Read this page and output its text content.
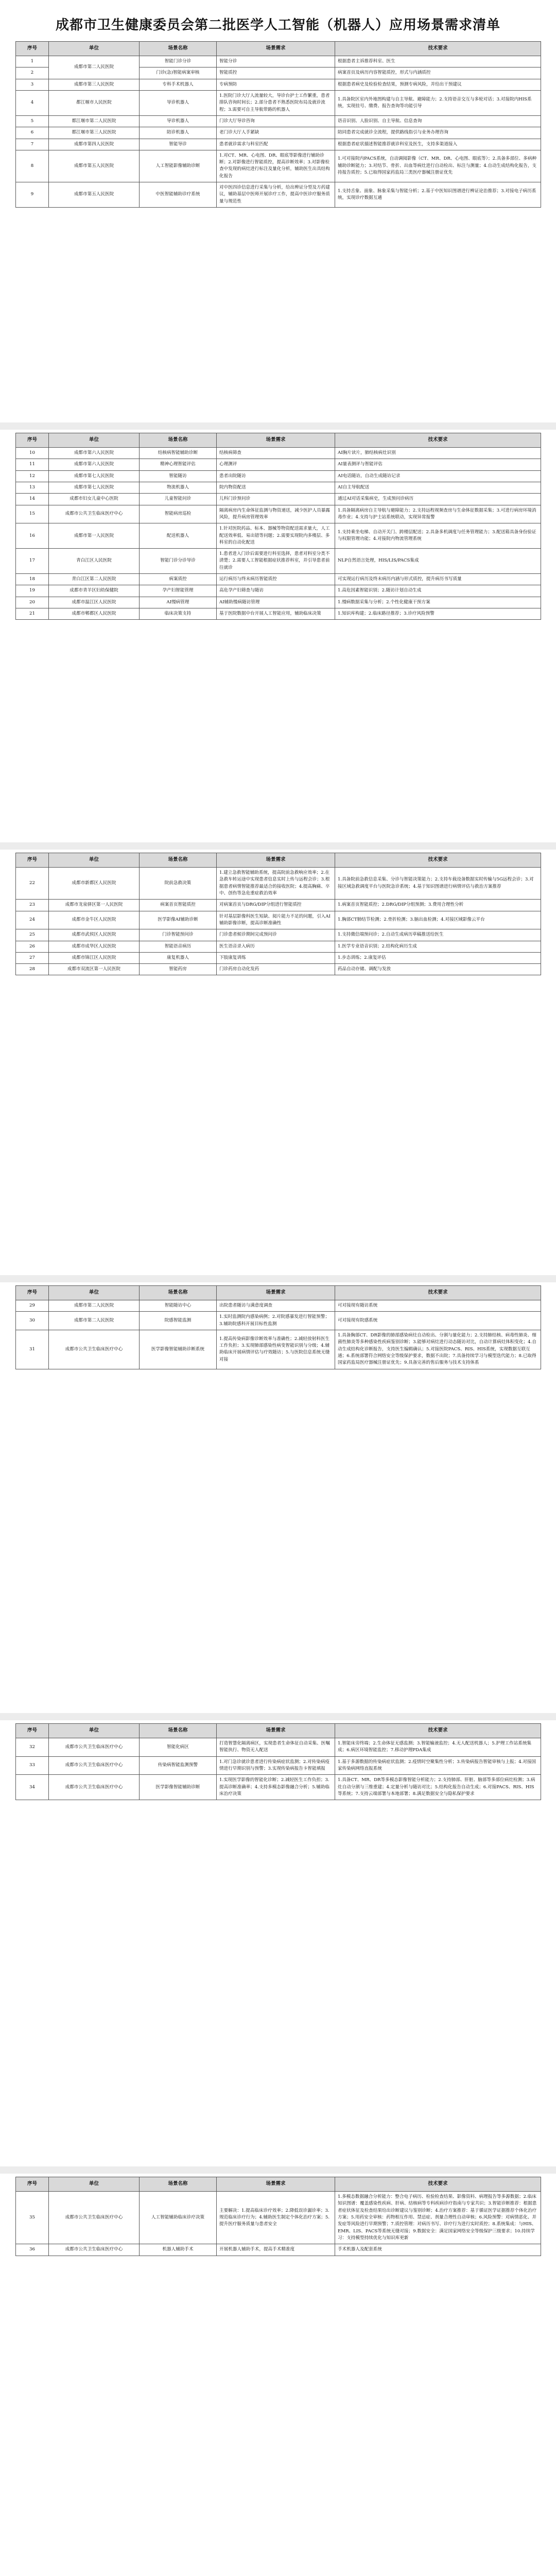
成都市卫生健康委员会第二批医学人工智能（机器人）应用场景需求清单
序号	单位	场景名称	场景需求	技术要求
1	成都市第二人民医院	智能门诊分诊	智能分诊	根据患者主诉推荐科室、医生
2		门诊(急)智能病案审核	智能质控	病案首页及病历内容智能质控，形式与内涵质控
3	成都市第三人民医院	专科手术机器人	专病预防	根据患者病史及检验检查结果，预测专病风险，并给出干预建议
4	都江堰市人民医院	导诊机器人	1.医院门诊大厅人流量较大，导诊台护士工作繁重，患者排队咨询时间长；2.部分患者不熟悉医院布局及就诊流程；3.需要可自主导航带路的机器人	1.具备院区室内外地图构建与自主导航、避障能力；2.支持语音交互与多轮对话；3.对接院内HIS系统，实现挂号、缴费、报告查询等功能引导
5	都江堰市第二人民医院	导诊机器人	门诊大厅导诊咨询	语音识别、人脸识别、自主导航、信息查询
6	都江堰市第三人民医院	陪诊机器人	老门诊大厅人手紧缺	陪同患者完成就诊全流程，提供路线指引与业务办理咨询
7	成都市第四人民医院	智能导诊	患者就诊需求与科室匹配	根据患者症状描述智能推荐就诊科室及医生，支持多渠道接入
8	成都市第五人民医院	人工智能影像辅助诊断	1.对CT、MR、心电图、DR、眼底等影像进行辅助诊断；2.对影像进行智能质控，提高诊断效率；3.对影像检查中发现的病灶进行标注及量化分析，辅助医生出具结构化报告	1.可对接院内PACS系统，自动调阅影像（CT、MR、DR、心电图、眼底等）；2.具备多部位、多病种辅助诊断能力；3.对结节、骨折、出血等病灶进行自动检出、标注与测量；4.自动生成结构化报告，支持报告质控；5.已取得国家药监局三类医疗器械注册证优先
9	成都市第五人民医院	中医智能辅助诊疗系统	对中医四诊信息进行采集与分析，给出辨证分型及方药建议，辅助基层中医师开展诊疗工作，提高中医诊疗服务质量与规范性	1.支持舌象、面象、脉象采集与智能分析；2.基于中医知识图谱进行辨证论治推荐；3.对接电子病历系统，实现诊疗数据互通
序号	单位	场景名称	场景需求	技术要求
10	成都市第六人民医院	结核病智能辅助诊断	结核病筛查	AI胸片读片，肺结核病灶识别
11	成都市第六人民医院	精神心理智能评估	心理测评	AI量表测评与智能评估
12	成都市第七人民医院	智能随访	患者出院随访	AI电话随访，自动生成随访记录
13	成都市第七人民医院	物流机器人	院内物资配送	AI自主导航配送
14	成都市妇女儿童中心医院	儿童智能问诊	儿科门诊预问诊	通过AI对话采集病史，生成预问诊病历
15	成都市公共卫生临床医疗中心	智能病房巡检	隔离病房内生命体征监测与物资递送，减少医护人员暴露风险，提升病房管理效率	1.具备隔离病房自主导航与避障能力；2.支持远程视频查房与生命体征数据采集；3.可进行病房环境消毒作业；4.支持与护士站系统联动，实现异常报警
16	成都市第一人民医院	配送机器人	1.针对医院药品、标本、器械等物资配送需求量大，人工配送效率低、易出错等问题；2.需要实现院内多楼层、多科室的自动化配送	1.支持乘坐电梯、自动开关门、跨楼层配送；2.具备多机调度与任务管理能力；3.配送箱具备身份验证与权限管理功能；4.对接院内物流管理系统
17	青白江区人民医院	智能门诊分诊导诊	1.患者进入门诊后需要进行科室选择，患者对科室分类不清楚；2.需要人工智能根据症状推荐科室，并引导患者前往就诊	NLP自然语言处理，HIS/LIS/PACS集成
18	青白江区第二人民医院	病案质控	运行病历与终末病历智能质控	可实现运行病历及终末病历内涵与形式质控，提升病历书写质量
19	成都市青羊区妇幼保健院	孕产妇智能管理	高危孕产妇筛查与随访	1.高危因素智能识别；2.随访计划自动生成
20	成都市温江区人民医院	AI慢病管理	AI辅助慢病随访管理	1.慢病数据采集与分析；2.个性化健康干预方案
21	成都市郫都区人民医院	临床决策支持	基于医院数据中台开展人工智能应用，辅助临床决策	1.知识库构建；2.临床路径推荐；3.诊疗风险预警
序号	单位	场景名称	场景需求	技术要求
22	成都市新都区人民医院	院前急救决策	1.建立急救智能辅助系统，提高院前急救响应效率；2.在急救车转运途中实现患者信息实时上传与远程会诊；3.根据患者病情智能推荐最适合的接收医院；4.提高胸痛、卒中、创伤等急危重症救治效率	1.具备院前急救信息采集、分诊与智能决策能力；2.支持车载设备数据实时传输与5G远程会诊；3.对接区域急救调度平台与医院急诊系统；4.基于知识图谱进行病情评估与救治方案推荐
23	成都市龙泉驿区第一人民医院	病案首页智能质控	对病案首页与DRG/DIP分组进行智能质控	1.病案首页智能质控；2.DRG/DIP分组预测；3.费用合理性分析
24	成都市金牛区人民医院	医学影像AI辅助诊断	针对基层影像科医生短缺、阅片能力不足的问题，引入AI辅助影像诊断，提高诊断准确性	1.胸部CT肺结节检测；2.骨折检测；3.脑出血检测；4.对接区域影像云平台
25	成都市武侯区人民医院	门诊智能预问诊	门诊患者候诊期间完成预问诊	1.支持微信端预问诊；2.自动生成病历草稿推送给医生
26	成都市成华区人民医院	智能语音病历	医生语音录入病历	1.医学专业语音识别；2.结构化病历生成
27	成都市锦江区人民医院	康复机器人	下肢康复训练	1.步态训练；2.康复评估
28	成都市双流区第一人民医院	智能药房	门诊药房自动化发药	药品自动存储、调配与发放
序号	单位	场景名称	场景需求	技术要求
29	成都市第二人民医院	智能随访中心	出院患者随访与满意度调查	可对接现有随访系统
30	成都市第二人民医院	院感智能监测	1.实时监测院内感染病例；2.对院感暴发进行智能预警；3.辅助院感科开展目标性监测	可对接现有院感系统
31	成都市公共卫生临床医疗中心	医学影像智能辅助诊断系统	1.提高传染病影像诊断效率与准确性；2.减轻放射科医生工作负担；3.实现肺部感染性病变智能识别与分级；4.辅助临床开展病情评估与疗效随访；5.与医院信息系统无缝对接	1.具备胸部CT、DR影像的肺部感染病灶自动检出、分割与量化能力；2.支持肺结核、病毒性肺炎、细菌性肺炎等多种感染性疾病鉴别诊断；3.能够对病灶进行动态随访对比，自动计算病灶体积变化；4.自动生成结构化诊断报告，支持医生编辑确认；5.对接医院PACS、RIS、HIS系统，实现数据互联互通；6.系统部署符合网络安全等级保护要求，数据不出院；7.具备持续学习与模型迭代能力；8.已取得国家药监局医疗器械注册证优先；9.具备完善的售后服务与技术支持体系
序号	单位	场景名称	场景需求	技术要求
32	成都市公共卫生临床医疗中心	智能化病区	打造智慧化隔离病区，实现患者生命体征自动采集、医嘱智能执行、物资无人配送	1.智能床旁终端；2.生命体征无感监测；3.智能输液监控；4.无人配送机器人；5.护理工作站系统集成；6.病区环境智能监控；7.移动护理PDA集成
33	成都市公共卫生临床医疗中心	传染病智能监测预警	1.对门急诊就诊患者进行传染病症状监测；2.对传染病疫情进行早期识别与预警；3.实现传染病报告卡智能填报	1.基于多源数据的传染病症状监测；2.疫情时空聚集性分析；3.传染病报告智能审核与上报；4.对接国家传染病网络直报系统
34	成都市公共卫生临床医疗中心	医学影像智能辅助诊断	1.实现医学影像的智能化诊断；2.减轻医生工作负担；3.提高诊断准确率；4.支持多模态影像融合分析；5.辅助临床治疗决策	1.具备CT、MR、DR等多模态影像智能分析能力；2.支持肺部、肝脏、脑部等多部位病灶检测；3.病灶自动分割与三维重建；4.定量分析与随访对比；5.结构化报告自动生成；6.对接PACS、RIS、HIS等系统；7.支持云端部署与本地部署；8.满足数据安全与隐私保护要求
序号	单位	场景名称	场景需求	技术要求
35	成都市公共卫生临床医疗中心	人工智能辅助临床诊疗决策	主要解决：1.提高临床诊疗效率；2.降低误诊漏诊率；3.规范临床诊疗行为；4.辅助医生制定个体化治疗方案；5.提升医疗服务质量与患者安全	1.多模态数据融合分析能力：整合电子病历、检验检查结果、影像资料、病理报告等多源数据；2.临床知识图谱：覆盖感染性疾病、肝病、结核病等专科疾病诊疗指南与专家共识；3.智能诊断推荐：根据患者症状体征及检查结果给出诊断建议与鉴别诊断；4.治疗方案推荐：基于循证医学证据推荐个体化治疗方案；5.用药安全审核：药物相互作用、禁忌症、剂量合理性自动审核；6.风险预警：对病情恶化、并发症等风险进行早期预警；7.质控管理：对病历书写、诊疗行为进行实时质控；8.系统集成：与HIS、EMR、LIS、PACS等系统无缝对接；9.数据安全：满足国家网络安全等级保护三级要求；10.持续学习：支持模型持续优化与知识库更新
36	成都市公共卫生临床医疗中心	机器人辅助手术	开展机器人辅助手术，提高手术精准度	手术机器人及配套系统
